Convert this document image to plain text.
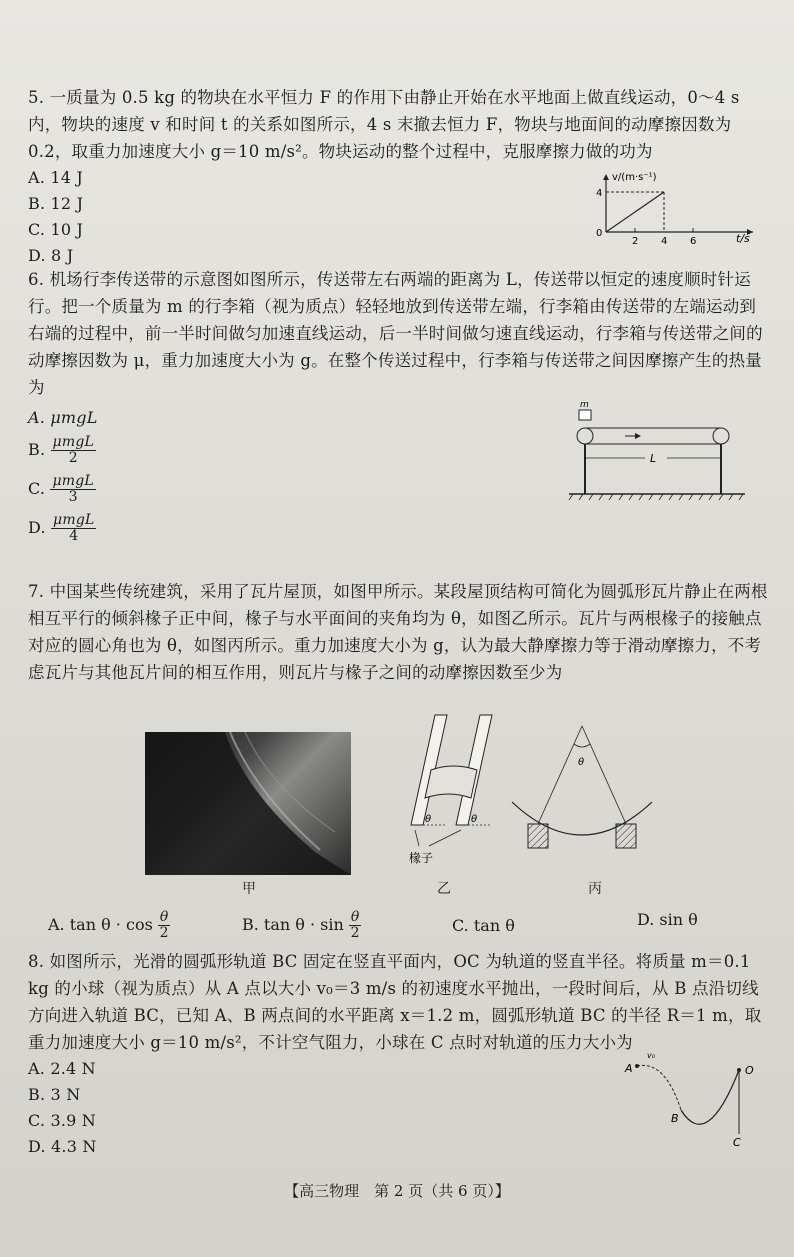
5. 一质量为 0.5 kg 的物块在水平恒力 F 的作用下由静止开始在水平地面上做直线运动，0～4 s 内，物块的速度 v 和时间 t 的关系如图所示，4 s 末撤去恒力 F，物块与地面间的动摩擦因数为 0.2，取重力加速度大小 g＝10 m/s²。物块运动的整个过程中，克服摩擦力做的功为

A. 14 J
B. 12 J
C. 10 J
D. 8 J
v/(m·s⁻¹)
t/s
0
4
2 4 6

6. 机场行李传送带的示意图如图所示，传送带左右两端的距离为 L，传送带以恒定的速度顺时针运行。把一个质量为 m 的行李箱（视为质点）轻轻地放到传送带左端，行李箱由传送带的左端运动到右端的过程中，前一半时间做匀加速直线运动，后一半时间做匀速直线运动，行李箱与传送带之间的动摩擦因数为 μ，重力加速度大小为 g。在整个传送过程中，行李箱与传送带之间因摩擦产生的热量为

A. μmgL
B. $\frac{\text{μmgL}}{2}$
C. $\frac{\text{μmgL}}{3}$
D. $\frac{\text{μmgL}}{4}$
m
L

7. 中国某些传统建筑，采用了瓦片屋顶，如图甲所示。某段屋顶结构可简化为圆弧形瓦片静止在两根相互平行的倾斜椽子正中间，椽子与水平面间的夹角均为 θ，如图乙所示。瓦片与两根椽子的接触点对应的圆心角也为 θ，如图丙所示。重力加速度大小为 g，认为最大静摩擦力等于滑动摩擦力，不考虑瓦片与其他瓦片间的相互作用，则瓦片与椽子之间的动摩擦因数至少为

θ	θ
椽子
θ
甲	乙	丙
A. $\tan \theta \cdot \cos \frac{\theta}{2}$	B. $\tan \theta \cdot \sin \frac{\theta}{2}$	C. tan θ	D. sin θ

8. 如图所示，光滑的圆弧形轨道 BC 固定在竖直平面内，OC 为轨道的竖直半径。将质量 m＝0.1 kg 的小球（视为质点）从 A 点以大小 v₀＝3 m/s 的初速度水平抛出，一段时间后，从 B 点沿切线方向进入轨道 BC，已知 A、B 两点间的水平距离 x＝1.2 m，圆弧形轨道 BC 的半径 R＝1 m，取重力加速度大小 g＝10 m/s²，不计空气阻力，小球在 C 点时对轨道的压力大小为

A. 2.4 N
B. 3 N
C. 3.9 N
D. 4.3 N
A
B
C
O
v₀
【高三物理　第 2 页（共 6 页）】
